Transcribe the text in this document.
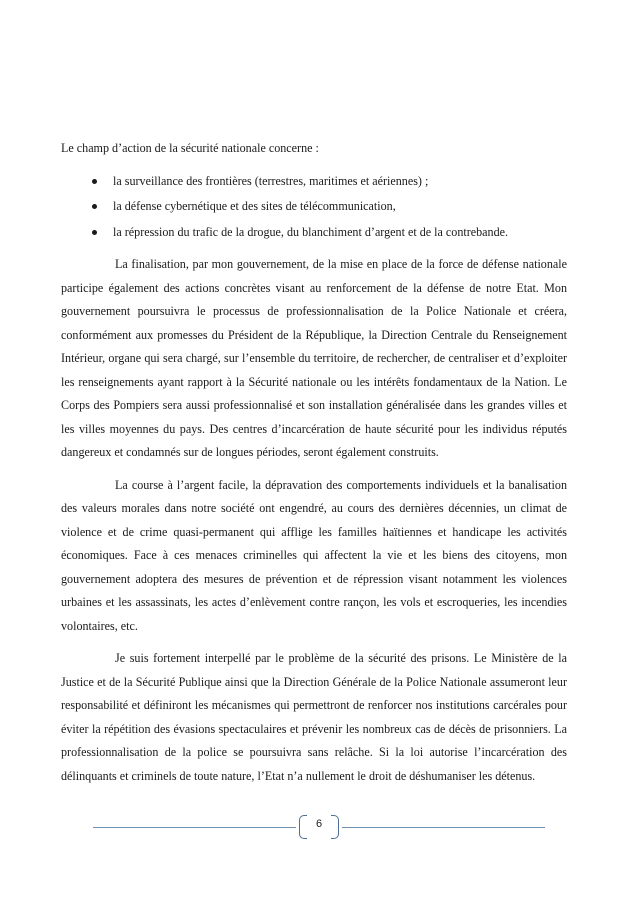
Le champ d’action de la sécurité nationale concerne :

la surveillance des frontières (terrestres, maritimes et aériennes) ;
la défense cybernétique et des sites de télécommunication,
la répression du trafic de la drogue, du blanchiment d’argent et de la contrebande.

La finalisation, par mon gouvernement, de la mise en place de la force de défense nationale participe également des actions concrètes visant au renforcement de la défense de notre Etat. Mon gouvernement poursuivra le processus de professionnalisation de la Police Nationale et créera, conformément aux promesses du Président de la République, la Direction Centrale du Renseignement Intérieur, organe qui sera chargé, sur l’ensemble du territoire, de rechercher, de centraliser et d’exploiter les renseignements ayant rapport à la Sécurité nationale ou les intérêts fondamentaux de la Nation. Le Corps des Pompiers sera aussi professionnalisé et son installation généralisée dans les grandes villes et les villes moyennes du pays. Des centres d’incarcération de haute sécurité pour les individus réputés dangereux et condamnés sur de longues périodes, seront également construits.

La course à l’argent facile, la dépravation des comportements individuels et la banalisation des valeurs morales dans notre société ont engendré, au cours des dernières décennies, un climat de violence et de crime quasi-permanent qui afflige les familles haïtiennes et handicape les activités économiques. Face à ces menaces criminelles qui affectent la vie et les biens des citoyens, mon gouvernement adoptera des mesures de prévention et de répression visant notamment les violences urbaines et les assassinats, les actes d’enlèvement contre rançon, les vols et escroqueries, les incendies volontaires, etc.

Je suis fortement interpellé par le problème de la sécurité des prisons. Le Ministère de la Justice et de la Sécurité Publique ainsi que la Direction Générale de la Police Nationale assumeront leur responsabilité et définiront les mécanismes qui permettront de renforcer nos institutions carcérales pour éviter la répétition des évasions spectaculaires et prévenir les nombreux cas de décès de prisonniers. La professionnalisation de la police se poursuivra sans relâche. Si la loi autorise l’incarcération des délinquants et criminels de toute nature, l’Etat n’a nullement le droit de déshumaniser les détenus.

6
